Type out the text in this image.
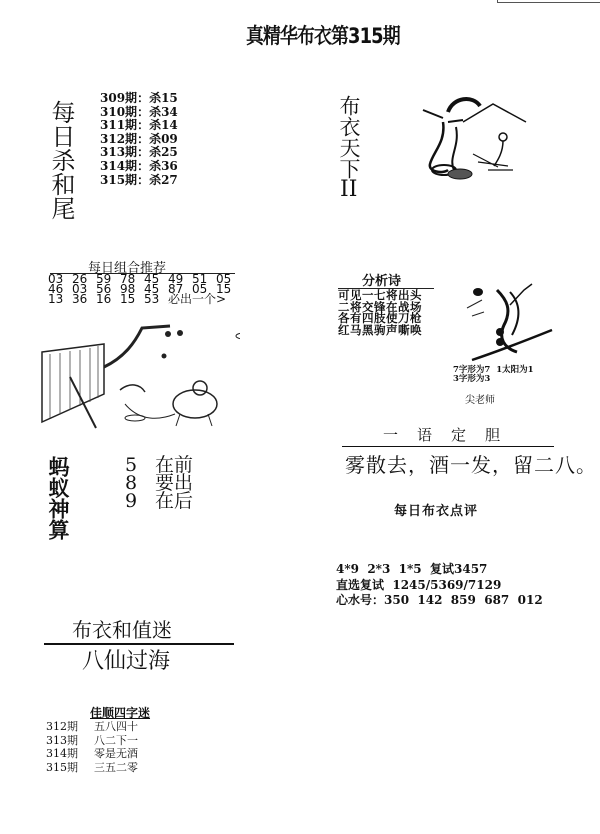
真精华布衣第315期
每日杀和尾
309期：杀15
310期：杀34
311期：杀14
312期：杀09
313期：杀25
314期：杀36
315期：杀27
每日组合推荐
03 26 59 78 45 49 51 05
46 03 56 98 45 87 05 15
13 36 16 15 53 必出一个>
蚂蚁神算	5 在前
8 要出
9 在后
布衣和值迷
八仙过海
佳顺四字迷
312期 五八四十
313期 八二下一
314期 零是无酒
315期 三五二零
布衣天下
II
分析诗
可见一七将出头
二将交锋在战场
各有四肢使刀枪
红马黑驹声嘶唤
7字形为7  1太阳为1
3字形为3
尖老师
一 语 定 胆
雾散去，酒一发，留二八。
每日布衣点评
4*9  2*3  1*5  复试3457
直选复试  1245/5369/7129
心水号：350  142  859  687  012
